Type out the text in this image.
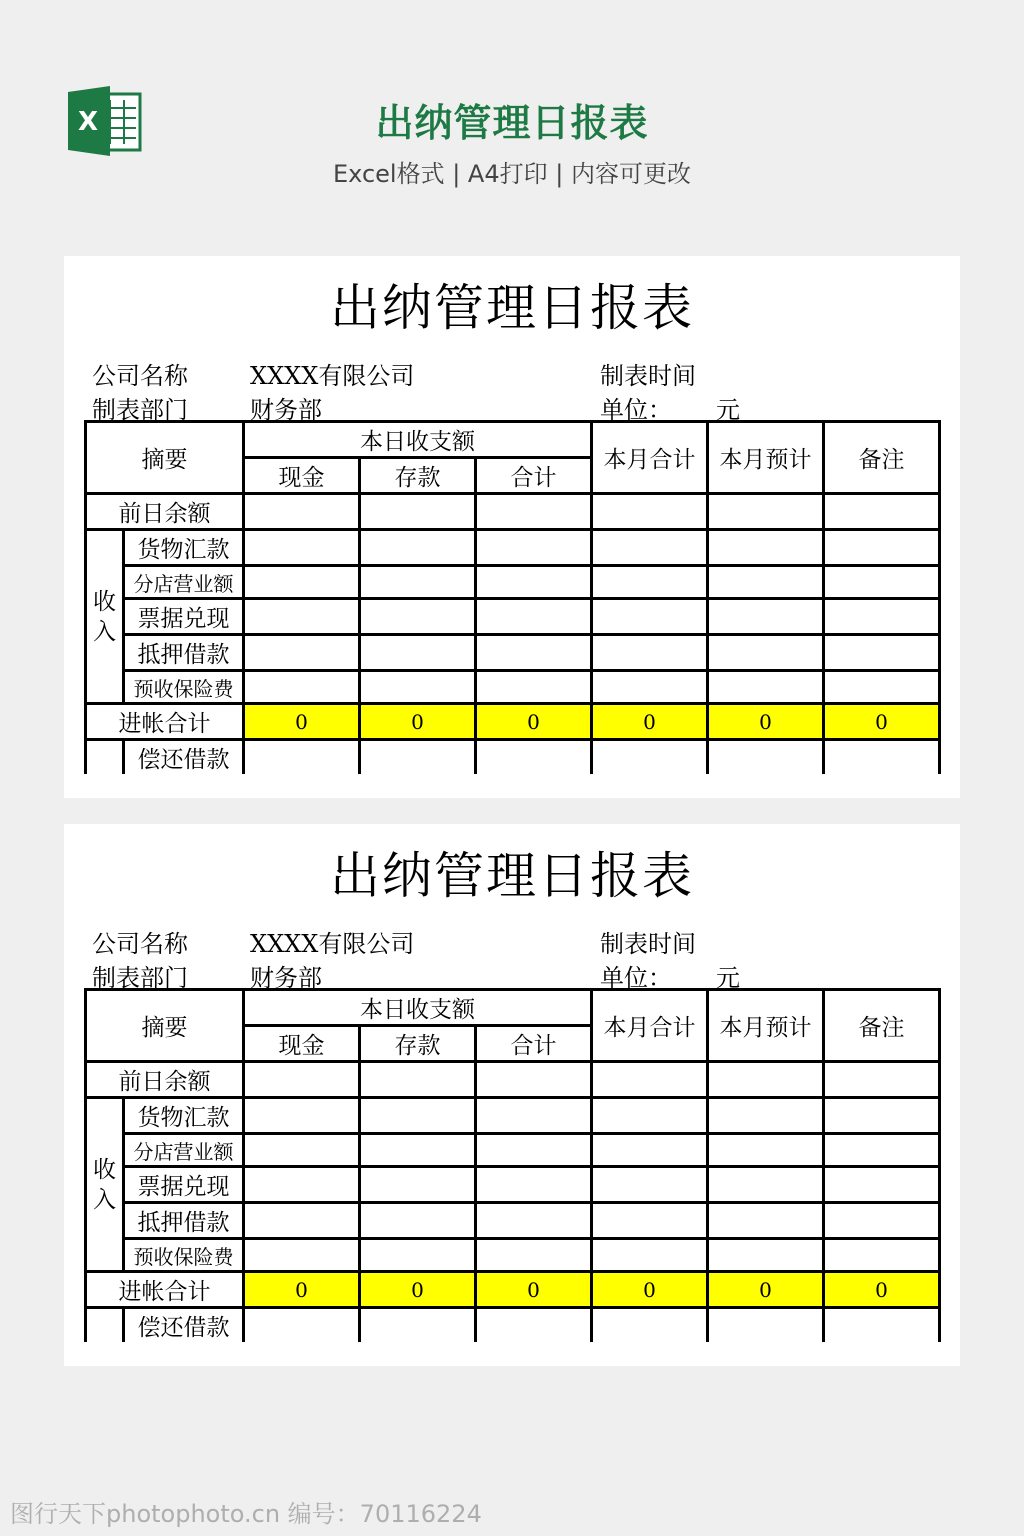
X	出纳管理日报表
Excel格式 | A4打印 | 内容可更改
出纳管理日报表
公司名称	XXXX有限公司	制表时间
制表部门	财务部	单位： 元
摘要		本日收支额			本月合计	本月预计	备注
		现金	存款	合计			
前日余额							
收入	货物汇款						
	分店营业额						
	票据兑现						
	抵押借款						
	预收保险费						
进帐合计		0	0	0	0	0	0
	偿还借款						
出纳管理日报表
公司名称	XXXX有限公司	制表时间
制表部门	财务部	单位： 元
摘要		本日收支额			本月合计	本月预计	备注
		现金	存款	合计			
前日余额							
收入	货物汇款						
	分店营业额						
	票据兑现						
	抵押借款						
	预收保险费						
进帐合计		0	0	0	0	0	0
	偿还借款						
图行天下photophoto.cn 编号：70116224
